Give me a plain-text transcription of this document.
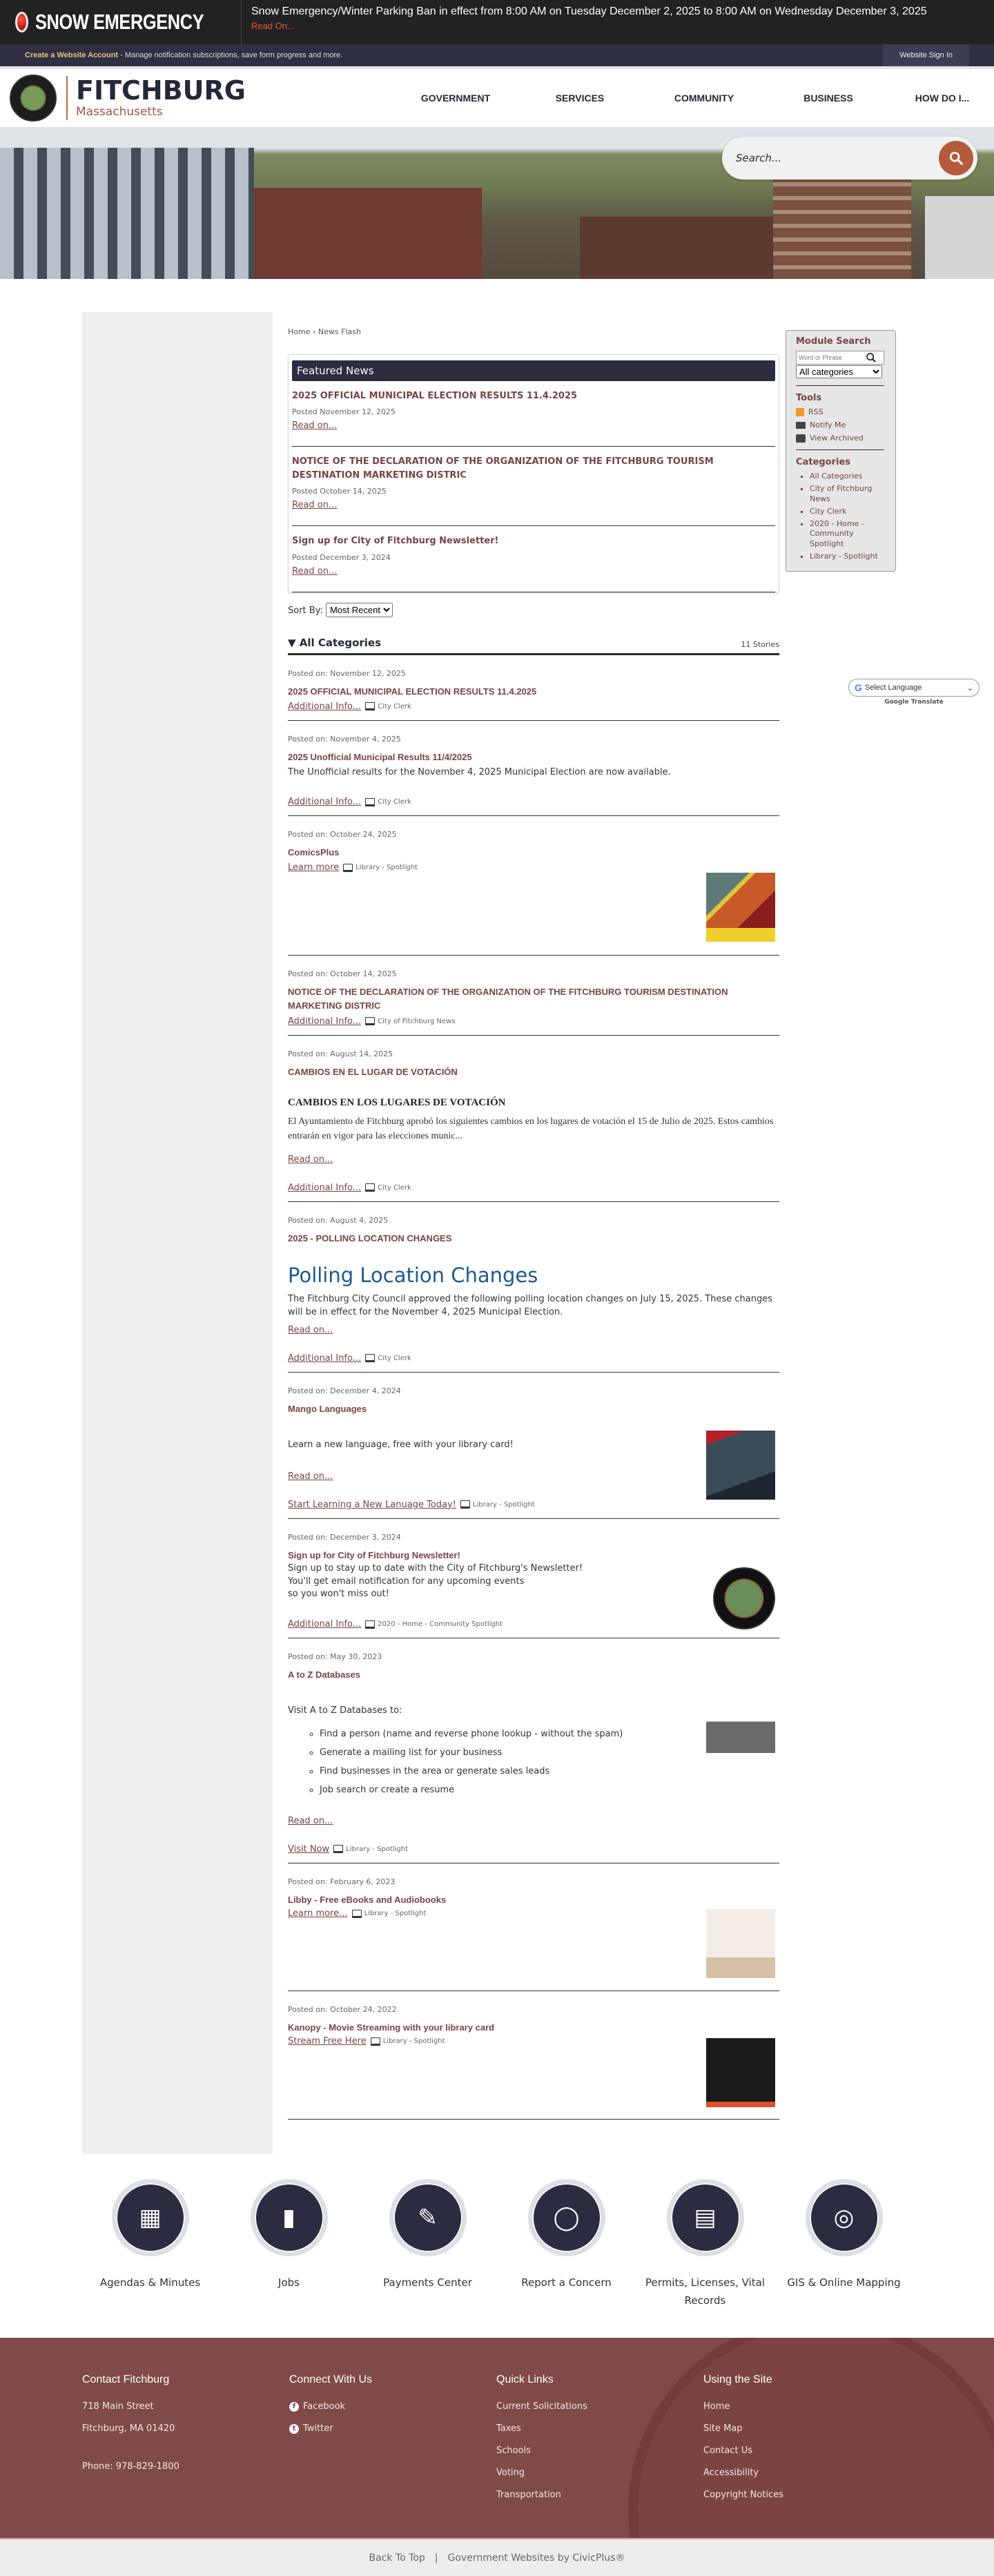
SNOW EMERGENCY	Snow Emergency/Winter Parking Ban in effect from 8:00 AM on Tuesday December 2, 2025 to 8:00 AM on Wednesday December 3, 2025
Read On...
Create a Website Account - Manage notification subscriptions, save form progress and more.	Website Sign In
FITCHBURG
Massachusetts
GOVERNMENT	SERVICES	COMMUNITY	BUSINESS	HOW DO I...
Search...
Home › News Flash
Featured News
2025 OFFICIAL MUNICIPAL ELECTION RESULTS 11.4.2025
Posted November 12, 2025
Read on...
NOTICE OF THE DECLARATION OF THE ORGANIZATION OF THE FITCHBURG TOURISM DESTINATION MARKETING DISTRIC
Posted October 14, 2025
Read on...
Sign up for City of Fitchburg Newsletter!
Posted December 3, 2024
Read on...
Sort By:
Most Recent
▼ All Categories	11 Stories
Posted on: November 12, 2025
2025 OFFICIAL MUNICIPAL ELECTION RESULTS 11.4.2025
Additional Info... City Clerk
Posted on: November 4, 2025
2025 Unofficial Municipal Results 11/4/2025
The Unofficial results for the November 4, 2025 Municipal Election are now available.
Additional Info... City Clerk
Posted on: October 24, 2025
ComicsPlus
Learn more Library - Spotlight
Posted on: October 14, 2025
NOTICE OF THE DECLARATION OF THE ORGANIZATION OF THE FITCHBURG TOURISM DESTINATION MARKETING DISTRIC
Additional Info... City of Fitchburg News
Posted on: August 14, 2025
CAMBIOS EN EL LUGAR DE VOTACIÓN
CAMBIOS EN LOS LUGARES DE VOTACIÓN
El Ayuntamiento de Fitchburg aprobó los siguientes cambios en los lugares de votación el 15 de Julio de 2025. Estos cambios entrarán en vigor para las elecciones munic...
Read on...
Additional Info... City Clerk
Posted on: August 4, 2025
2025 - POLLING LOCATION CHANGES
Polling Location Changes
The Fitchburg City Council approved the following polling location changes on July 15, 2025. These changes will be in effect for the November 4, 2025 Municipal Election.
Read on...
Additional Info... City Clerk
Posted on: December 4, 2024
Mango Languages
Learn a new language, free with your library card!
Read on...
Start Learning a New Lanuage Today! Library - Spotlight
Posted on: December 3, 2024
Sign up for City of Fitchburg Newsletter!
Sign up to stay up to date with the City of Fitchburg's Newsletter!
You'll get email notification for any upcoming events
so you won't miss out!
Additional Info... 2020 - Home - Community Spotlight
Posted on: May 30, 2023
A to Z Databases
Visit A to Z Databases to:
◦ Find a person (name and reverse phone lookup - without the spam)
◦ Generate a mailing list for your business
◦ Find businesses in the area or generate sales leads
◦ Job search or create a resume
Read on...
Visit Now Library - Spotlight
Posted on: February 6, 2023
Libby - Free eBooks and Audiobooks
Learn more... Library - Spotlight
Posted on: October 24, 2022
Kanopy - Movie Streaming with your library card
Stream Free Here Library - Spotlight
Module Search
Word or Phrase
All categories
Tools
RSS
Notify Me
View Archived
Categories
▪ All Categories
▪ City of Fitchburg News
▪ City Clerk
▪ 2020 - Home - Community Spotlight
▪ Library - Spotlight
G Select Language	⌄
Google Translate
▦
Agendas & Minutes
▮
Jobs
✎
Payments Center
◯
Report a Concern
▤
Permits, Licenses, Vital Records
◎
GIS & Online Mapping
Contact Fitchburg
718 Main Street
Fitchburg, MA 01420
Phone: 978-829-1800
Connect With Us
f Facebook
t Twitter
Quick Links
Current Solicitations
Taxes
Schools
Voting
Transportation
Using the Site
Home
Site Map
Contact Us
Accessibility
Copyright Notices
Back To Top | Government Websites by CivicPlus®
